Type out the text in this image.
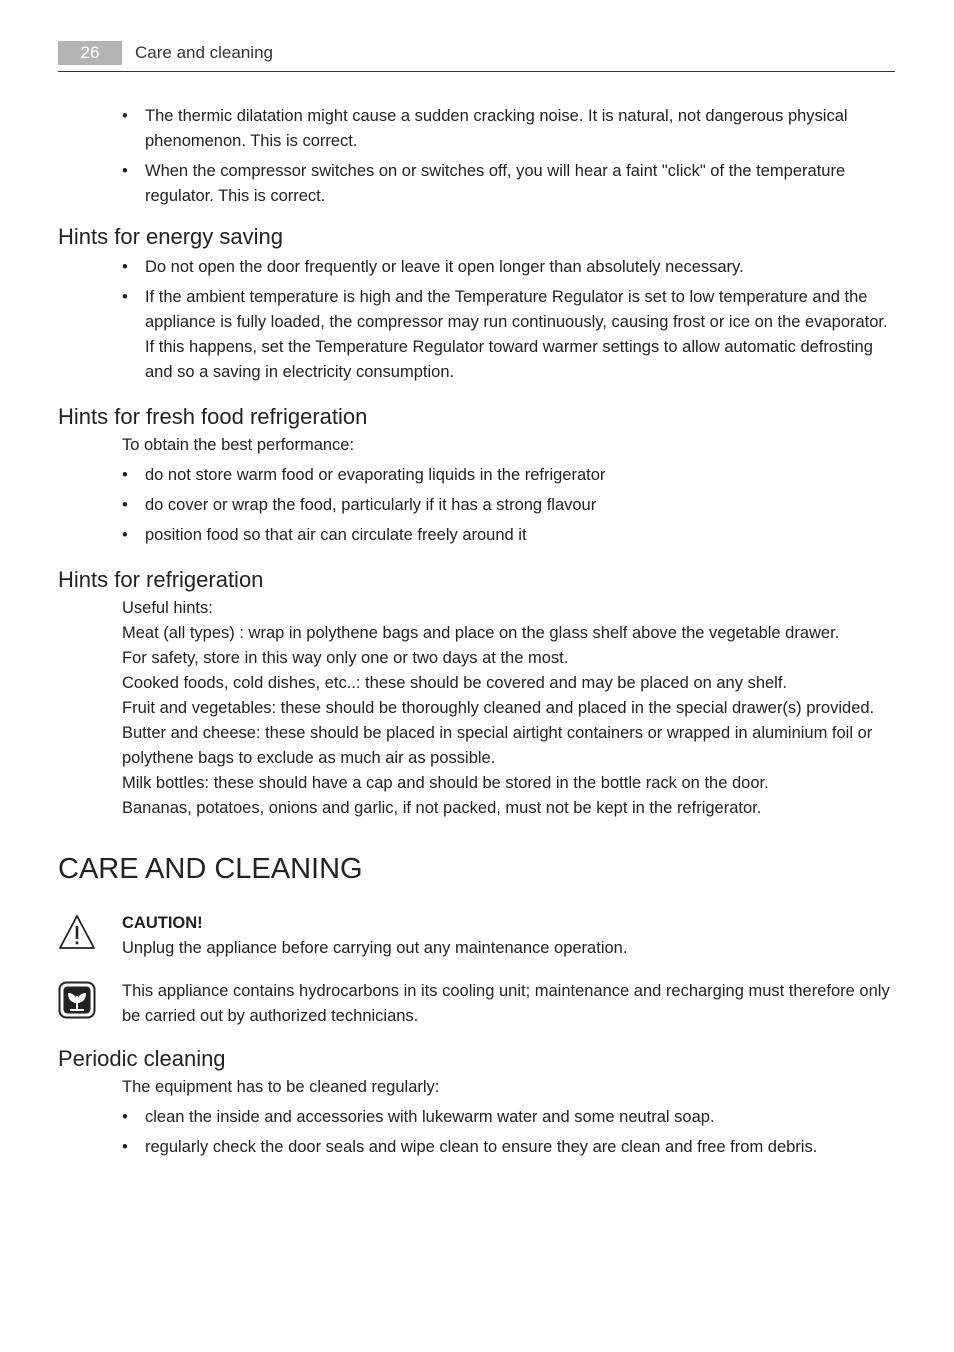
26	Care and cleaning
• The thermic dilatation might cause a sudden cracking noise. It is natural, not dangerous physical phenomenon. This is correct.
• When the compressor switches on or switches off, you will hear a faint "click" of the temperature regulator. This is correct.
Hints for energy saving
• Do not open the door frequently or leave it open longer than absolutely necessary.
• If the ambient temperature is high and the Temperature Regulator is set to low temperature and the appliance is fully loaded, the compressor may run continuously, causing frost or ice on the evaporator. If this happens, set the Temperature Regulator toward warmer settings to allow automatic defrosting and so a saving in electricity consumption.
Hints for fresh food refrigeration

To obtain the best performance:

• do not store warm food or evaporating liquids in the refrigerator
• do cover or wrap the food, particularly if it has a strong flavour
• position food so that air can circulate freely around it
Hints for refrigeration

Useful hints:

Meat (all types) : wrap in polythene bags and place on the glass shelf above the vegetable drawer.

For safety, store in this way only one or two days at the most.

Cooked foods, cold dishes, etc..: these should be covered and may be placed on any shelf.

Fruit and vegetables: these should be thoroughly cleaned and placed in the special drawer(s) provided.

Butter and cheese: these should be placed in special airtight containers or wrapped in aluminium foil or polythene bags to exclude as much air as possible.

Milk bottles: these should have a cap and should be stored in the bottle rack on the door.

Bananas, potatoes, onions and garlic, if not packed, must not be kept in the refrigerator.

CARE AND CLEANING
CAUTION!
Unplug the appliance before carrying out any maintenance operation.
This appliance contains hydrocarbons in its cooling unit; maintenance and recharging must therefore only be carried out by authorized technicians.
Periodic cleaning

The equipment has to be cleaned regularly:

• clean the inside and accessories with lukewarm water and some neutral soap.
• regularly check the door seals and wipe clean to ensure they are clean and free from debris.
